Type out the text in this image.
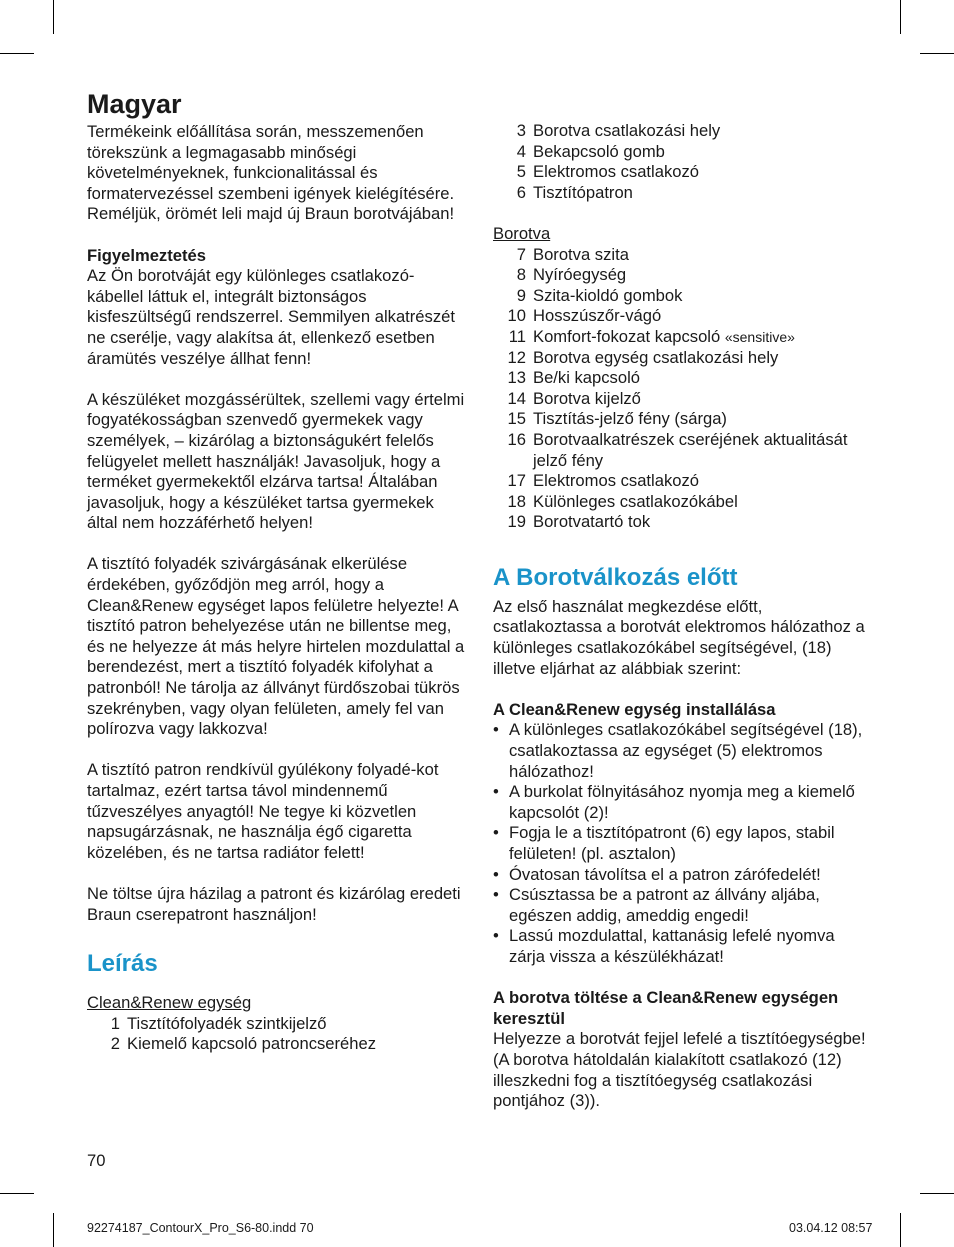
Magyar

Termékeink előállítása során, messzemenően törekszünk a legmagasabb minőségi követelményeknek, funkcionalitással és formatervezéssel szembeni igények kielégítésére. Reméljük, örömét leli majd új Braun borotvájában!

Figyelmeztetés

Az Ön borotváját egy különleges csatlakozó-kábellel láttuk el, integrált biztonságos kisfeszültségű rendszerrel. Semmilyen alkatrészét ne cserélje, vagy alakítsa át, ellenkező esetben áramütés veszélye állhat fenn!

A készüléket mozgássérültek, szellemi vagy értelmi fogyatékosságban szenvedő gyermekek vagy személyek, – kizárólag a biztonságukért felelős felügyelet mellett használják! Javasoljuk, hogy a terméket gyermekektől elzárva tartsa! Általában javasoljuk, hogy a készüléket tartsa gyermekek által nem hozzáférhető helyen!

A tisztító folyadék szivárgásának elkerülése érdekében, győződjön meg arról, hogy a Clean&Renew egységet lapos felületre helyezte! A tisztító patron behelyezése után ne billentse meg, és ne helyezze át más helyre hirtelen mozdulattal a berendezést, mert a tisztító folyadék kifolyhat a patronból! Ne tárolja az állványt fürdőszobai tükrös szekrényben, vagy olyan felületen, amely fel van polírozva vagy lakkozva!

A tisztító patron rendkívül gyúlékony folyadé-kot tartalmaz, ezért tartsa távol mindennemű tűzveszélyes anyagtól! Ne tegye ki közvetlen napsugárzásnak, ne használja égő cigaretta közelében, és ne tartsa radiátor felett!

Ne töltse újra házilag a patront és kizárólag eredeti Braun cserepatront használjon!

Leírás

Clean&Renew egység

1 Tisztítófolyadék szintkijelző
2 Kiemelő kapcsoló patroncseréhez
3 Borotva csatlakozási hely
4 Bekapcsoló gomb
5 Elektromos csatlakozó
6 Tisztítópatron

Borotva

7 Borotva szita
8 Nyíróegység
9 Szita-kioldó gombok
10 Hosszúszőr-vágó
11 Komfort-fokozat kapcsoló «sensitive»
12 Borotva egység csatlakozási hely
13 Be/ki kapcsoló
14 Borotva kijelző
15 Tisztítás-jelző fény (sárga)
16 Borotvaalkatrészek cseréjének aktualitását jelző fény
17 Elektromos csatlakozó
18 Különleges csatlakozókábel
19 Borotvatartó tok
A Borotválkozás előtt

Az első használat megkezdése előtt, csatlakoztassa a borotvát elektromos hálózathoz a különleges csatlakozókábel segítségével, (18) illetve eljárhat az alábbiak szerint:

A Clean&Renew egység installálása

• A különleges csatlakozókábel segítségével (18), csatlakoztassa az egységet (5) elektromos hálózathoz!
• A burkolat fölnyitásához nyomja meg a kiemelő kapcsolót (2)!
• Fogja le a tisztítópatront (6) egy lapos, stabil felületen! (pl. asztalon)
• Óvatosan távolítsa el a patron zárófedelét!
• Csúsztassa be a patront az állvány aljába, egészen addig, ameddig engedi!
• Lassú mozdulattal, kattanásig lefelé nyomva zárja vissza a készülékházat!

A borotva töltése a Clean&Renew egységen keresztül

Helyezze a borotvát fejjel lefelé a tisztítóegységbe! (A borotva hátoldalán kialakított csatlakozó (12) illeszkedni fog a tisztítóegység csatlakozási pontjához (3)).

70
92274187_ContourX_Pro_S6-80.indd 70	03.04.12 08:57
